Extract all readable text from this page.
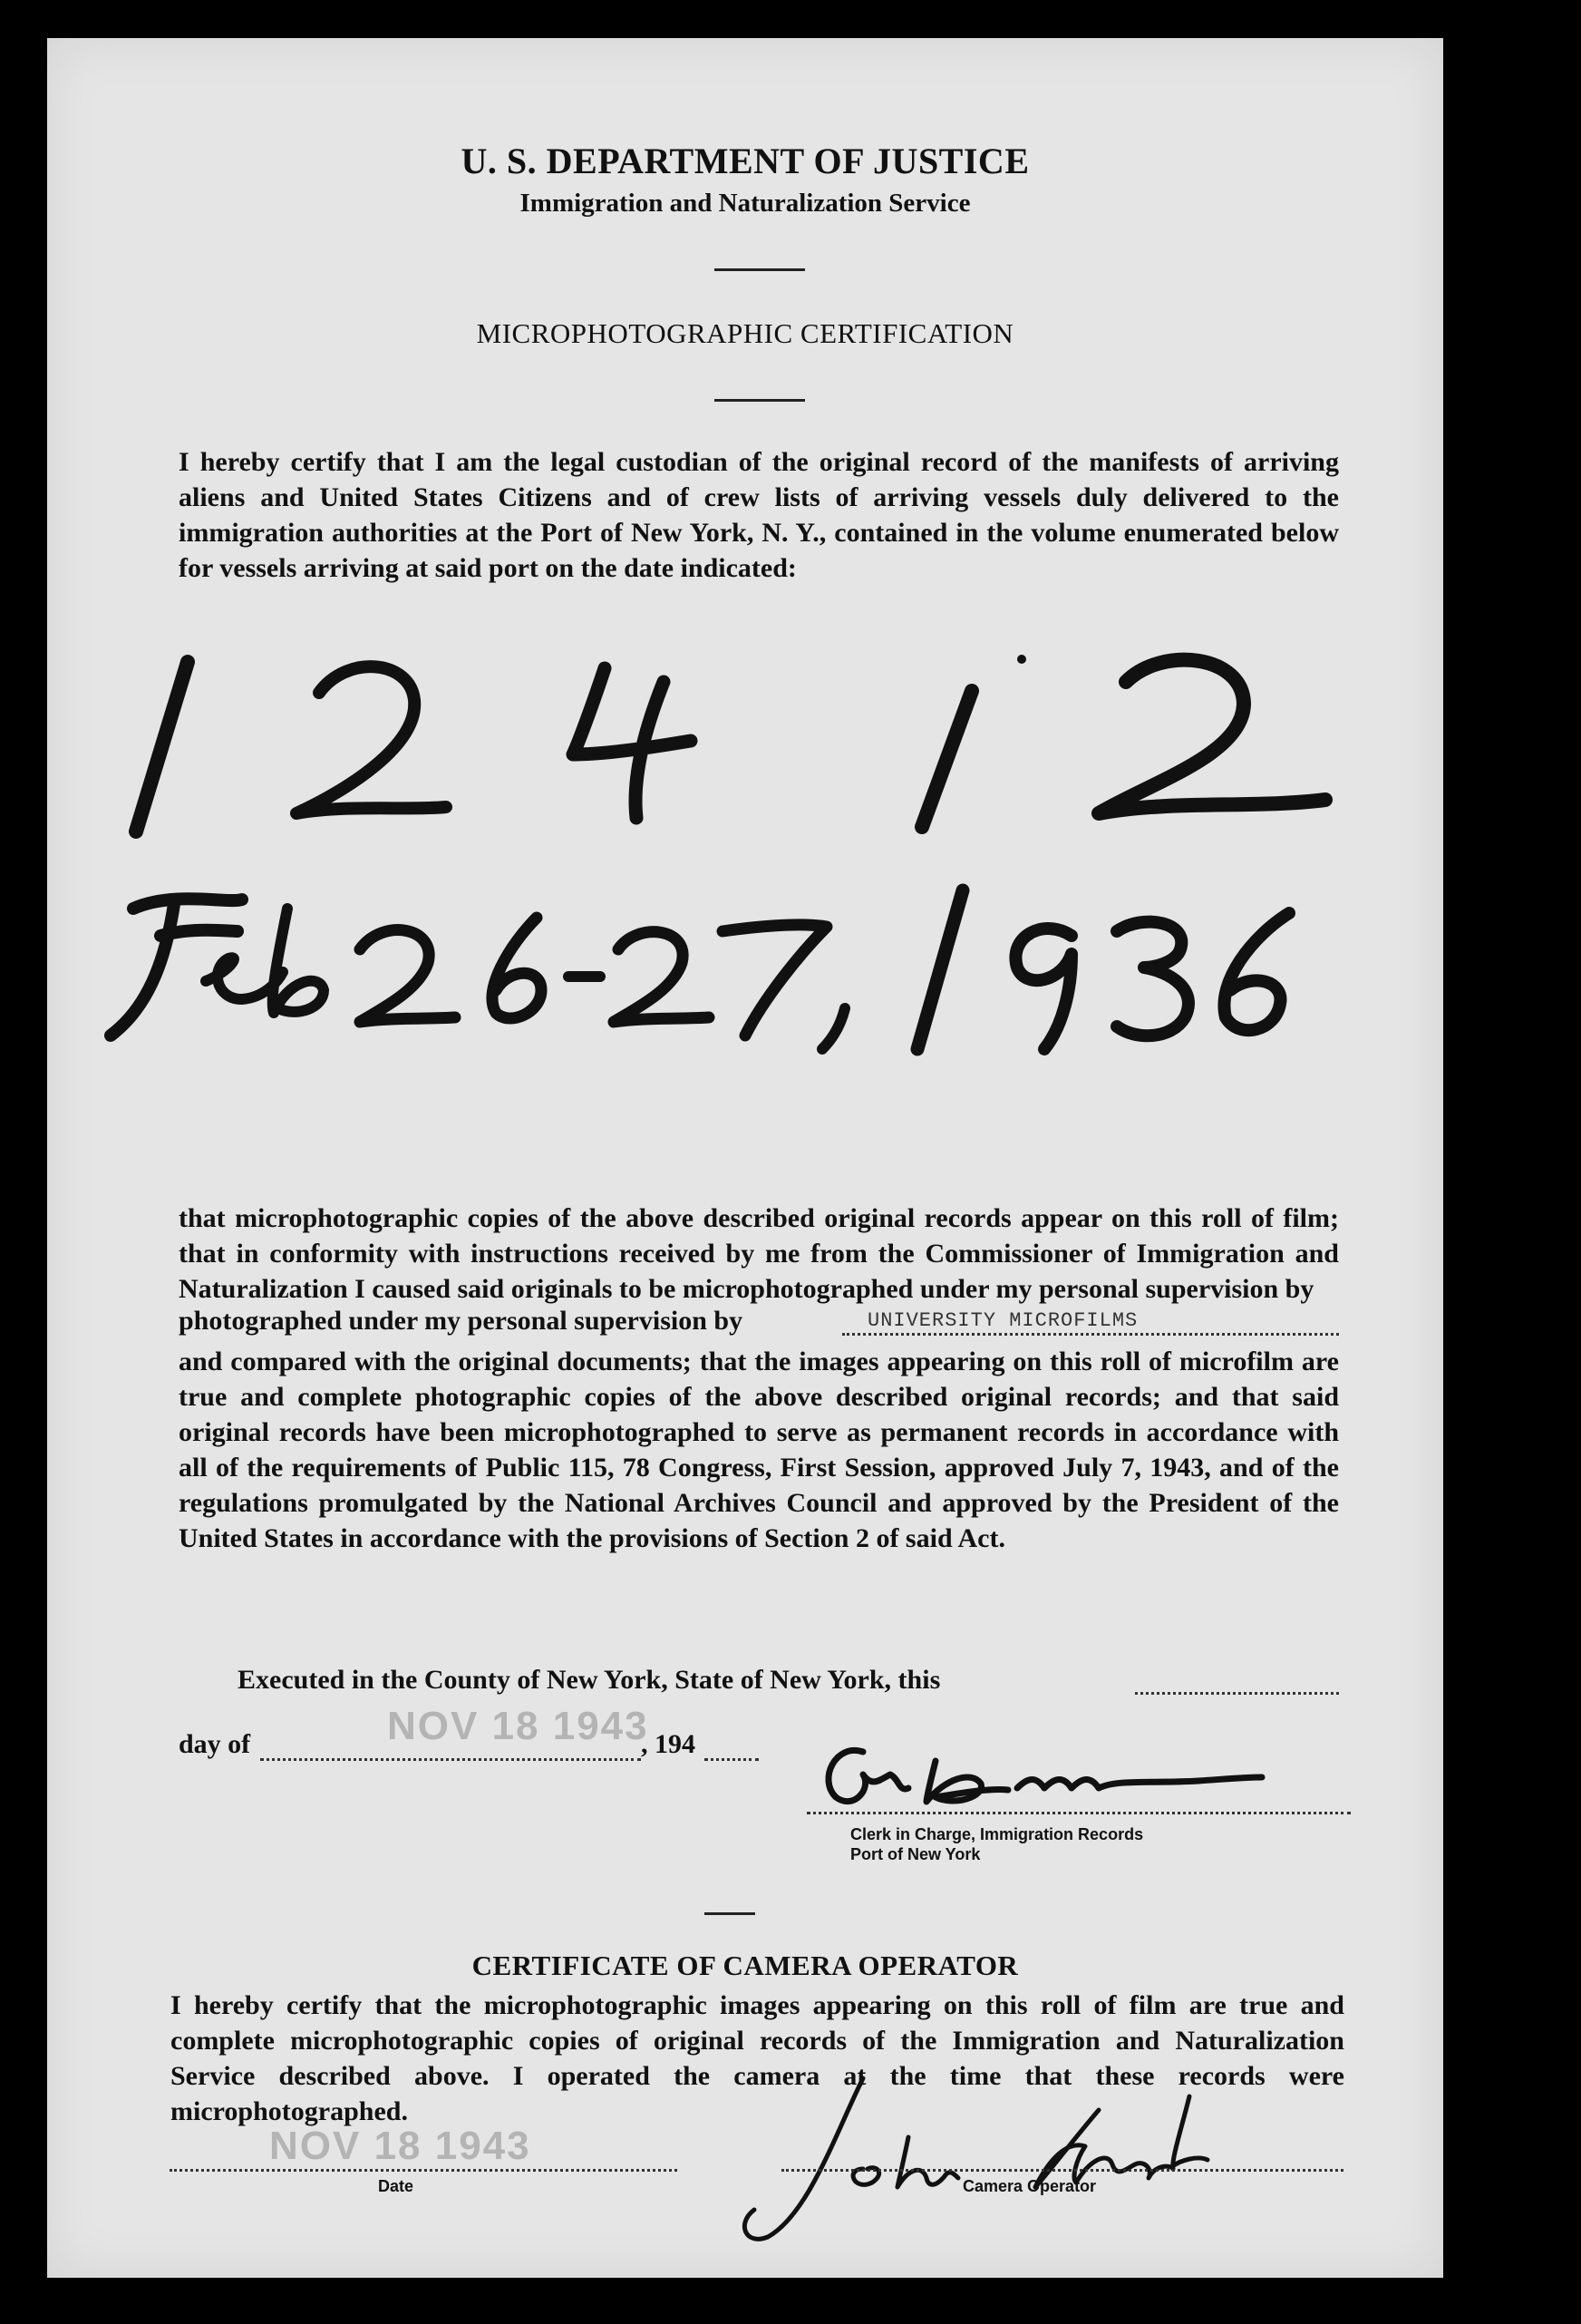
U. S. DEPARTMENT OF JUSTICE
Immigration and Naturalization Service
MICROPHOTOGRAPHIC CERTIFICATION
I hereby certify that I am the legal custodian of the original record of the manifests of arriving aliens and United States Citizens and of crew lists of arriving vessels duly delivered to the immigration authorities at the Port of New York, N. Y., contained in the volume enumerated below for vessels arriving at said port on the date indicated:
1 2 4 1 2
Feb 26-27, 1936
that microphotographic copies of the above described original records appear on this roll of film; that in conformity with instructions received by me from the Commissioner of Immigration and Naturalization I caused said originals to be microphotographed under my personal supervision by
photographed under my personal supervision by	UNIVERSITY MICROFILMS
and compared with the original documents; that the images appearing on this roll of microfilm are true and complete photographic copies of the above described original records; and that said original records have been microphotographed to serve as permanent records in accordance with all of the requirements of Public 115, 78 Congress, First Session, approved July 7, 1943, and of the regulations promulgated by the National Archives Council and approved by the President of the United States in accordance with the provisions of Section 2 of said Act.
Executed in the County of New York, State of New York, this
day of	, 194
NOV 18 1943	Geo Baerner
Clerk in Charge, Immigration Records
Port of New York
CERTIFICATE OF CAMERA OPERATOR
I hereby certify that the microphotographic images appearing on this roll of film are true and complete microphotographic copies of original records of the Immigration and Naturalization Service described above. I operated the camera at the time that these records were microphotographed.
NOV 18 1943
Date
John Mead
Camera Operator
